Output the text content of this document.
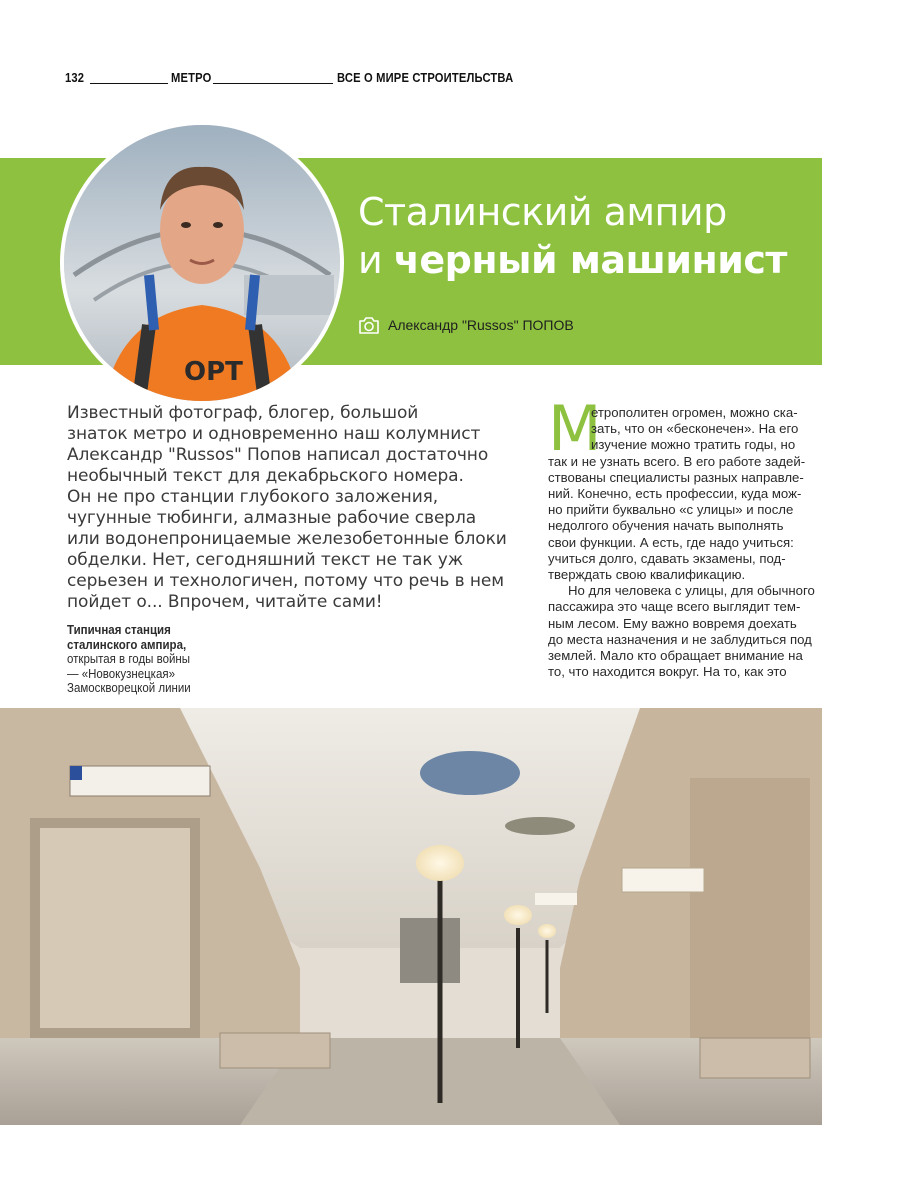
132	МЕТРО	ВСЕ О МИРЕ СТРОИТЕЛЬСТВА
Сталинский ампир
и черный машинист
Александр "Russos" ПОПОВ
ОРТ
Известный фотограф, блогер, большой
знаток метро и одновременно наш колумнист
Александр "Russos" Попов написал достаточно
необычный текст для декабрьского номера.
Он не про станции глубокого заложения,
чугунные тюбинги, алмазные рабочие сверла
или водонепроницаемые железобетонные блоки
обделки. Нет, сегодняшний текст не так уж
серьезен и технологичен, потому что речь в нем
пойдет о... Впрочем, читайте сами!
Типичная станция
сталинского ампира,
открытая в годы войны
— «Новокузнецкая»
Замоскворецкой линии
М
етрополитен огромен, можно ска-
зать, что он «бесконечен». На его
изучение можно тратить годы, но
так и не узнать всего. В его работе задей-
ствованы специалисты разных направле-
ний. Конечно, есть профессии, куда мож-
но прийти буквально «с улицы» и после
недолгого обучения начать выполнять
свои функции. А есть, где надо учиться:
учиться долго, сдавать экзамены, под-
тверждать свою квалификацию.
Но для человека с улицы, для обычного
пассажира это чаще всего выглядит тем-
ным лесом. Ему важно вовремя доехать
до места назначения и не заблудиться под
землей. Мало кто обращает внимание на
то, что находится вокруг. На то, как это
